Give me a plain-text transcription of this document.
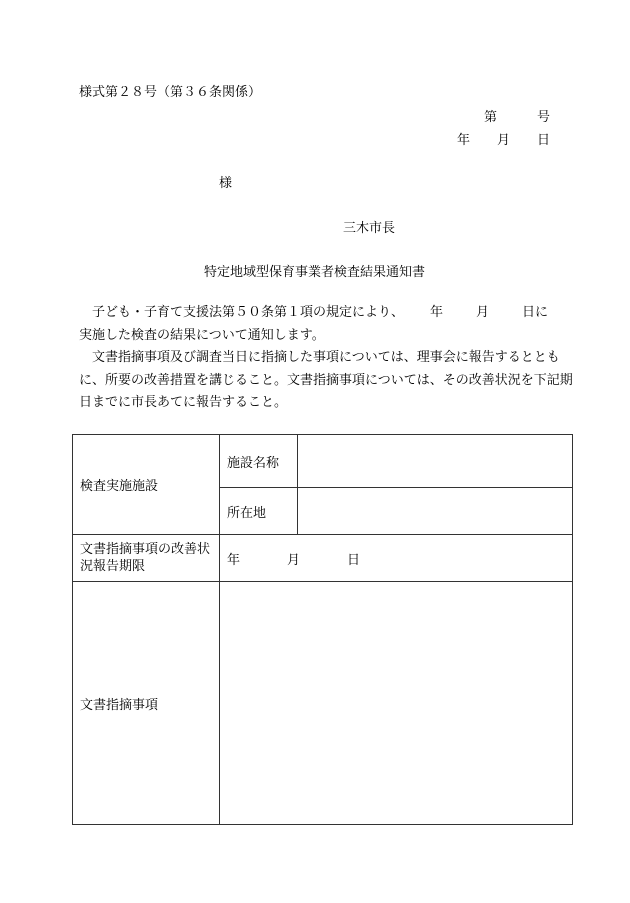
様式第２８号（第３６条関係）
第	号
年 月 日
様
三木市長
特定地域型保育事業者検査結果通知書

子ども・子育て支援法第５０条第１項の規定により、 年	月	日に
実施した検査の結果について通知します。

文書指摘事項及び調査当日に指摘した事項については、理事会に報告するとともに、所要の改善措置を講じること。文書指摘事項については、その改善状況を下記期日までに市長あてに報告すること。

検査実施施設	施設名称	
	所在地	
文書指摘事項の改善状況報告期限	年 月 日	
文書指摘事項		
